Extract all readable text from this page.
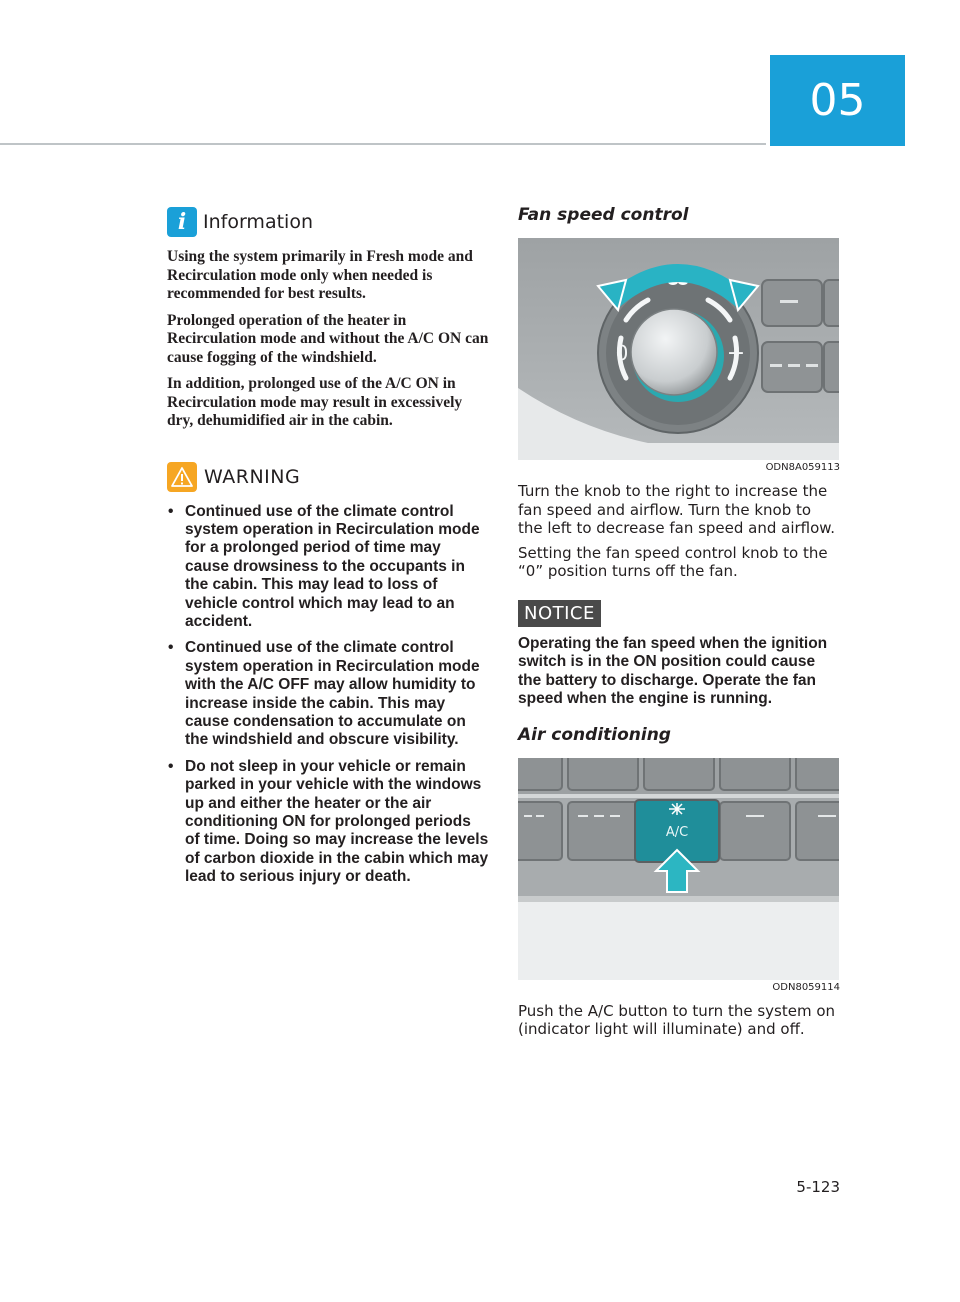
05
i Information

Using the system primarily in Fresh mode and Recirculation mode only when needed is recommended for best results.

Prolonged operation of the heater in Recirculation mode and without the A/C ON can cause fogging of the windshield.

In addition, prolonged use of the A/C ON in Recirculation mode may result in excessively dry, dehumidified air in the cabin.

WARNING
• Continued use of the climate control system operation in Recirculation mode for a prolonged period of time may cause drowsiness to the occupants in the cabin. This may lead to loss of vehicle control which may lead to an accident.
• Continued use of the climate control system operation in Recirculation mode with the A/C OFF may allow humidity to increase inside the cabin. This may cause condensation to accumulate on the windshield and obscure visibility.
• Do not sleep in your vehicle or remain parked in your vehicle with the windows up and either the heater or the air conditioning ON for prolonged periods of time. Doing so may increase the levels of carbon dioxide in the cabin which may lead to serious injury or death.
Fan speed control
0	+
ODN8A059113

Turn the knob to the right to increase the fan speed and airflow. Turn the knob to the left to decrease fan speed and airflow.

Setting the fan speed control knob to the “0” position turns off the fan.

NOTICE

Operating the fan speed when the ignition switch is in the ON position could cause the battery to discharge. Operate the fan speed when the engine is running.

Air conditioning
A/C
ODN8059114

Push the A/C button to turn the system on (indicator light will illuminate) and off.

5-123
